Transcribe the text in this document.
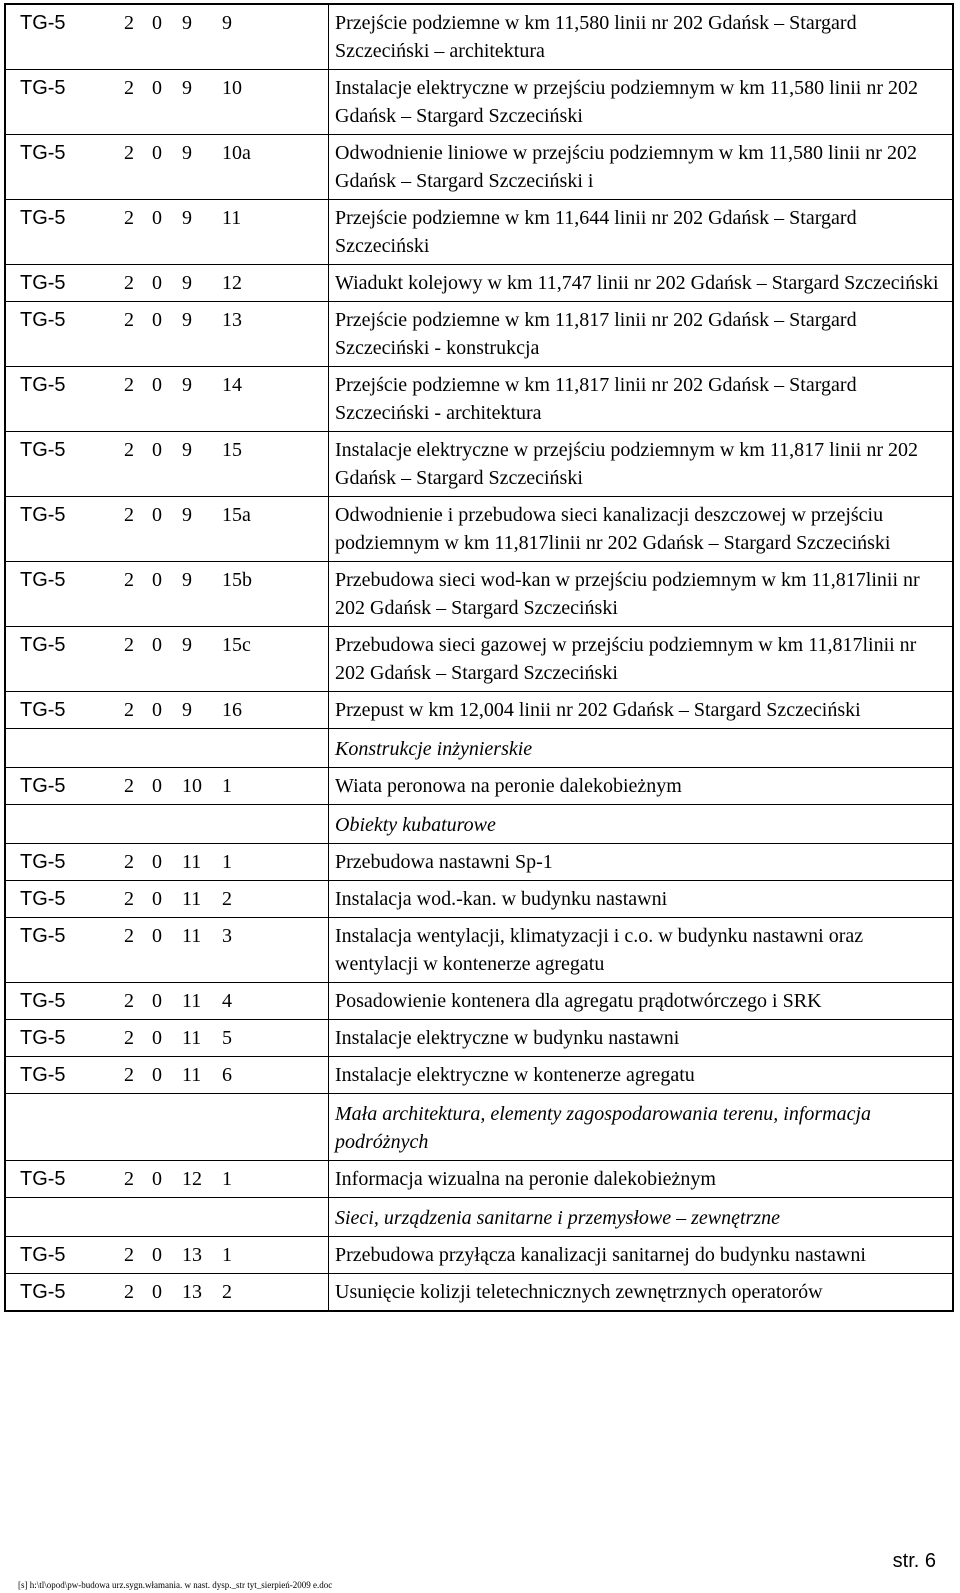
TG-5	2 0 9 9	Przejście podziemne w km 11,580 linii nr 202 Gdańsk – Stargard Szczeciński – architektura
TG-5	2 0 9 10	Instalacje elektryczne w przejściu podziemnym w km 11,580 linii nr 202 Gdańsk – Stargard Szczeciński
TG-5	2 0 9 10a	Odwodnienie liniowe w przejściu podziemnym w km 11,580 linii nr 202 Gdańsk – Stargard Szczeciński i
TG-5	2 0 9 11	Przejście podziemne w km 11,644 linii nr 202 Gdańsk – Stargard Szczeciński
TG-5	2 0 9 12	Wiadukt kolejowy w km 11,747 linii nr 202 Gdańsk – Stargard Szczeciński
TG-5	2 0 9 13	Przejście podziemne w km 11,817 linii nr 202 Gdańsk – Stargard Szczeciński - konstrukcja
TG-5	2 0 9 14	Przejście podziemne w km 11,817 linii nr 202 Gdańsk – Stargard Szczeciński - architektura
TG-5	2 0 9 15	Instalacje elektryczne w przejściu podziemnym w km 11,817 linii nr 202 Gdańsk – Stargard Szczeciński
TG-5	2 0 9 15a	Odwodnienie i przebudowa sieci kanalizacji deszczowej w przejściu podziemnym w km 11,817linii nr 202 Gdańsk – Stargard Szczeciński
TG-5	2 0 9 15b	Przebudowa sieci wod-kan w przejściu podziemnym w km 11,817linii nr 202 Gdańsk – Stargard Szczeciński
TG-5	2 0 9 15c	Przebudowa sieci gazowej w przejściu podziemnym w km 11,817linii nr 202 Gdańsk – Stargard Szczeciński
TG-5	2 0 9 16	Przepust w km 12,004 linii nr 202 Gdańsk – Stargard Szczeciński
		Konstrukcje inżynierskie
TG-5	2 0 10 1	Wiata peronowa na peronie dalekobieżnym
		Obiekty kubaturowe
TG-5	2 0 11 1	Przebudowa nastawni Sp-1
TG-5	2 0 11 2	Instalacja wod.-kan. w budynku nastawni
TG-5	2 0 11 3	Instalacja wentylacji, klimatyzacji i c.o. w budynku nastawni oraz wentylacji w kontenerze agregatu
TG-5	2 0 11 4	Posadowienie kontenera dla agregatu prądotwórczego i SRK
TG-5	2 0 11 5	Instalacje elektryczne w budynku nastawni
TG-5	2 0 11 6	Instalacje elektryczne w kontenerze agregatu
		Mała architektura, elementy zagospodarowania terenu, informacja podróżnych
TG-5	2 0 12 1	Informacja wizualna na peronie dalekobieżnym
		Sieci, urządzenia sanitarne i przemysłowe – zewnętrzne
TG-5	2 0 13 1	Przebudowa przyłącza kanalizacji sanitarnej do budynku nastawni
TG-5	2 0 13 2	Usunięcie kolizji teletechnicznych zewnętrznych operatorów
str. 6
[s] h:\tl\opod\pw-budowa urz.sygn.włamania. w nast. dysp._str tyt_sierpień-2009 e.doc
